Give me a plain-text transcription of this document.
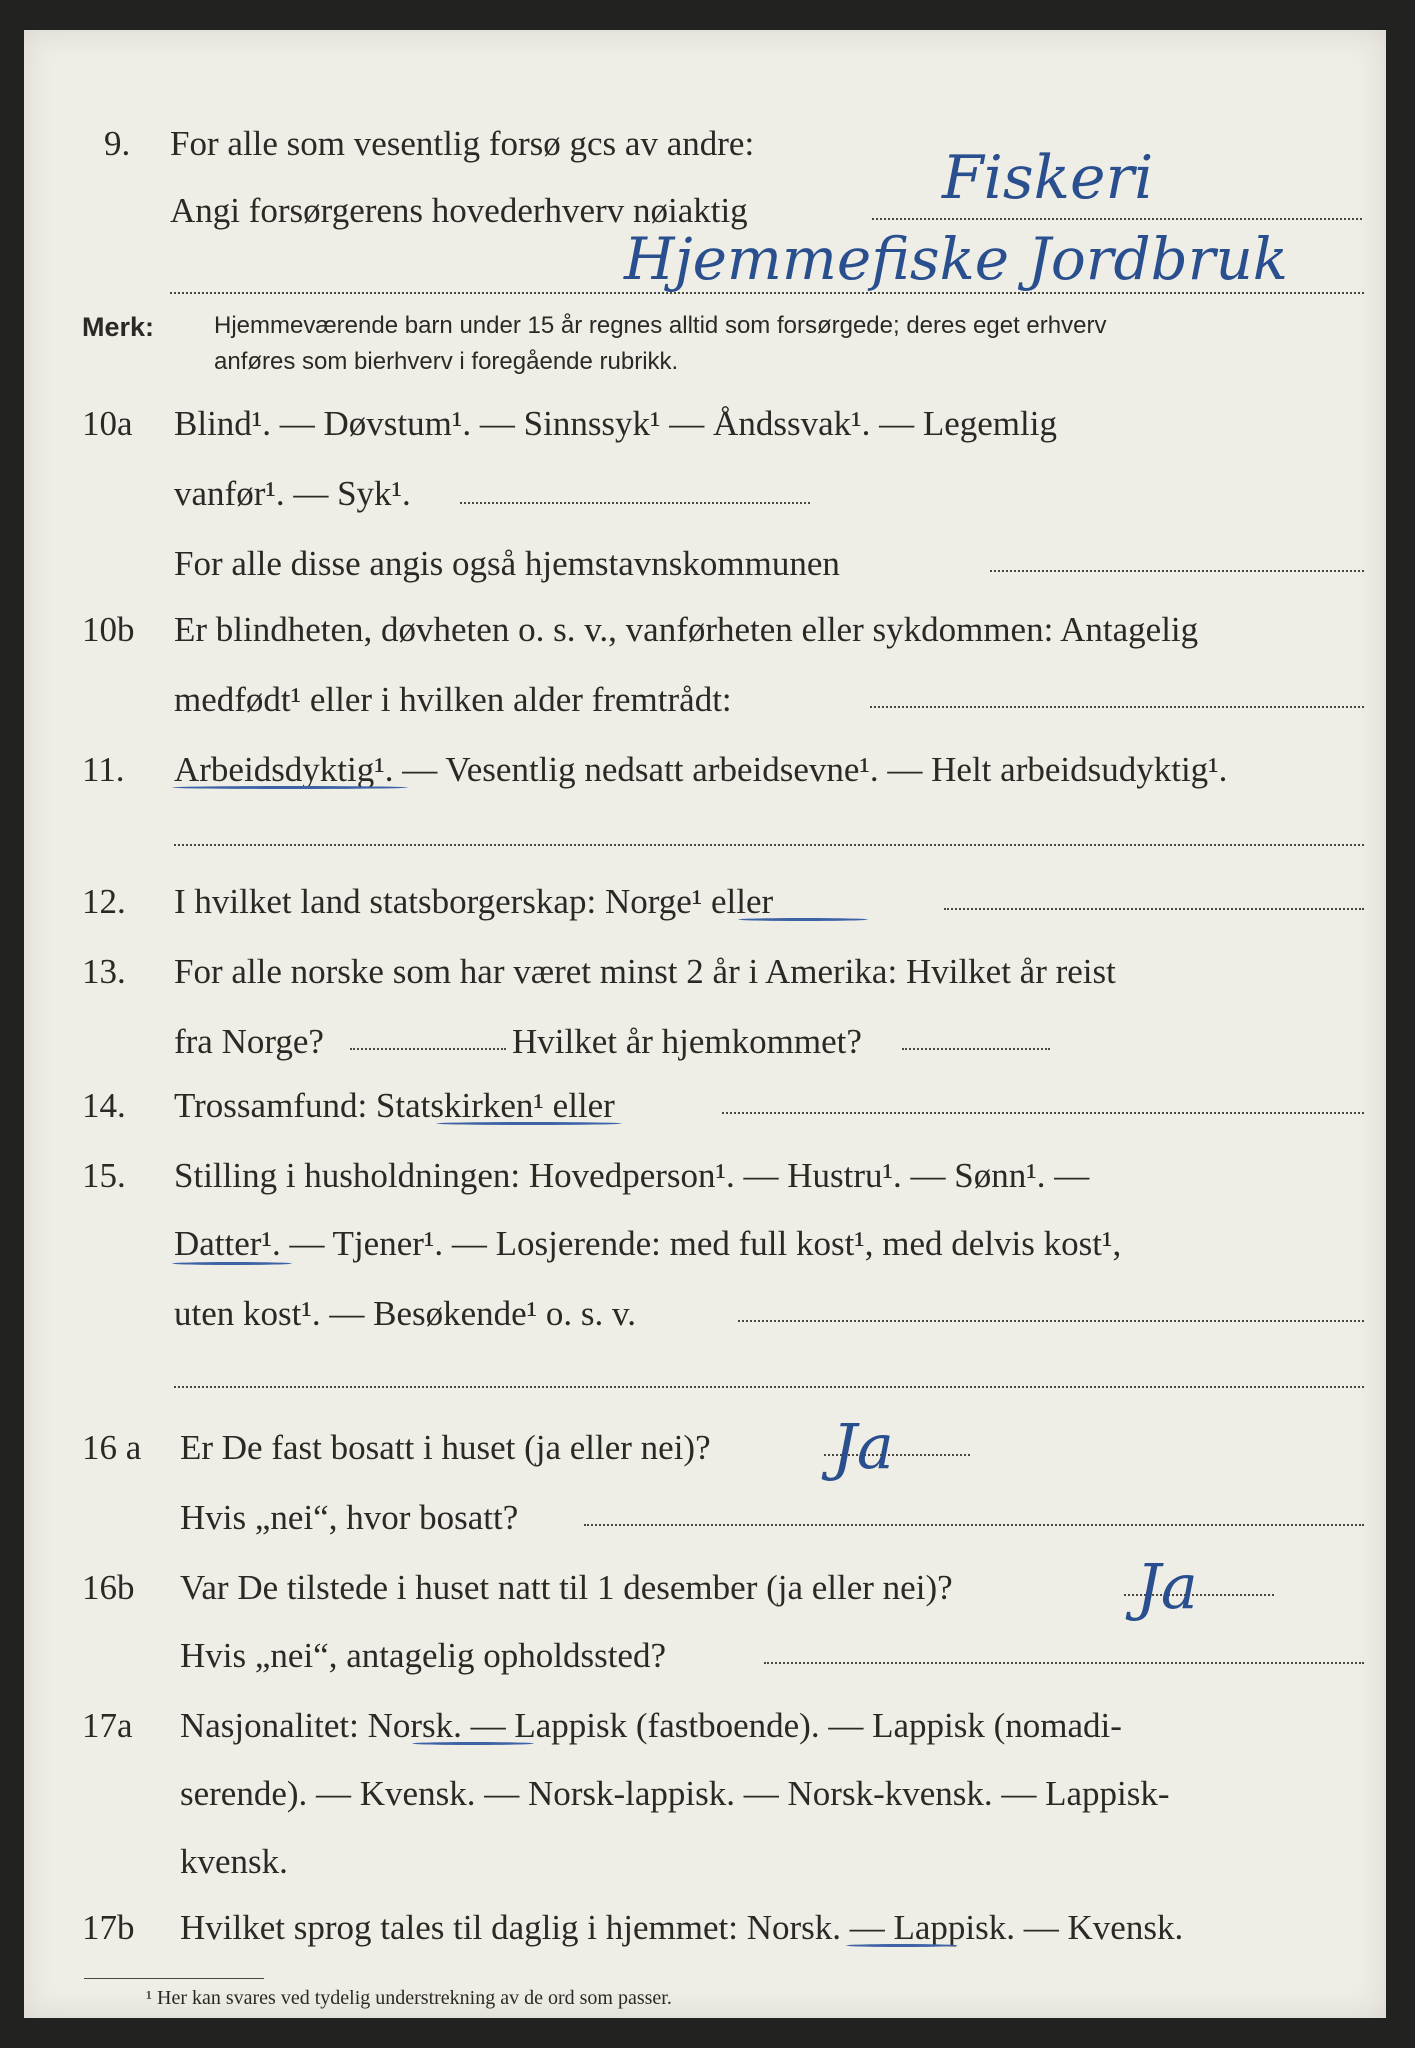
9. For alle som vesentlig forsø gcs av andre:
Angi forsørgerens hovederhverv nøiaktig	Fiskeri
Hjemmefiske Jordbruk
Merk: Hjemmeværende barn under 15 år regnes alltid som forsørgede; deres eget erhverv
anføres som bierhverv i foregående rubrikk.
10a Blind¹. — Døvstum¹. — Sinnssyk¹ — Åndssvak¹. — Legemlig
vanfør¹. — Syk¹.
For alle disse angis også hjemstavnskommunen
10b Er blindheten, døvheten o. s. v., vanførheten eller sykdommen: Antagelig
medfødt¹ eller i hvilken alder fremtrådt:
11. Arbeidsdyktig¹. — Vesentlig nedsatt arbeidsevne¹. — Helt arbeidsudyktig¹.
12. I hvilket land statsborgerskap: Norge¹ eller
13. For alle norske som har været minst 2 år i Amerika: Hvilket år reist
fra Norge?	Hvilket år hjemkommet?
14. Trossamfund: Statskirken¹ eller
15. Stilling i husholdningen: Hovedperson¹. — Hustru¹. — Sønn¹. —
Datter¹. — Tjener¹. — Losjerende: med full kost¹, med delvis kost¹,
uten kost¹. — Besøkende¹ o. s. v.
16 a Er De fast bosatt i huset (ja eller nei)? Ja
Hvis „nei“, hvor bosatt?
16b Var De tilstede i huset natt til 1 desember (ja eller nei)?	Ja
Hvis „nei“, antagelig opholdssted?
17a Nasjonalitet: Norsk. — Lappisk (fastboende). — Lappisk (nomadi-
serende). — Kvensk. — Norsk-lappisk. — Norsk-kvensk. — Lappisk-
kvensk.
17b Hvilket sprog tales til daglig i hjemmet: Norsk. — Lappisk. — Kvensk.
¹ Her kan svares ved tydelig understrekning av de ord som passer.
